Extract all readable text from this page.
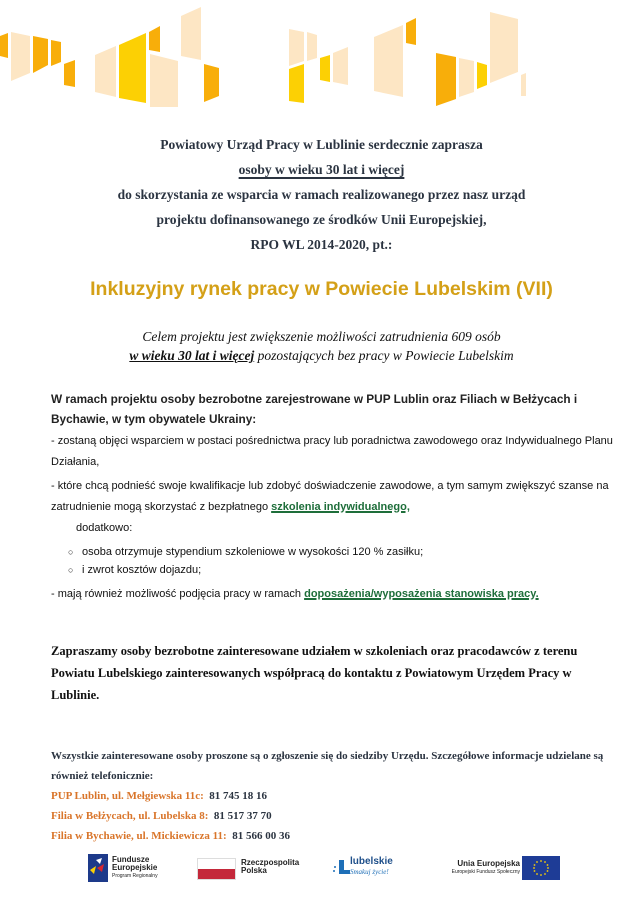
Powiatowy Urząd Pracy w Lublinie serdecznie zaprasza
osoby w wieku 30 lat i więcej
do skorzystania ze wsparcia w ramach realizowanego przez nasz urząd
projektu dofinansowanego ze środków Unii Europejskiej,
RPO WL 2014-2020, pt.:
Inkluzyjny rynek pracy w Powiecie Lubelskim (VII)
Celem projektu jest zwiększenie możliwości zatrudnienia 609 osób
w wieku 30 lat i więcej pozostających bez pracy w Powiecie Lubelskim
W ramach projektu osoby bezrobotne zarejestrowane w PUP Lublin oraz Filiach w Bełżycach i Bychawie, w tym obywatele Ukrainy:
- zostaną objęci wsparciem w postaci pośrednictwa pracy lub poradnictwa zawodowego oraz Indywidualnego Planu Działania,
- które chcą podnieść swoje kwalifikacje lub zdobyć doświadczenie zawodowe, a tym samym zwiększyć szanse na zatrudnienie mogą skorzystać z bezpłatnego szkolenia indywidualnego,
dodatkowo:
○ osoba otrzymuje stypendium szkoleniowe w wysokości 120 % zasiłku;
○ i zwrot kosztów dojazdu;
- mają również możliwość podjęcia pracy w ramach doposażenia/wyposażenia stanowiska pracy.
Zapraszamy osoby bezrobotne zainteresowane udziałem w szkoleniach oraz pracodawców z terenu Powiatu Lubelskiego zainteresowanych współpracą do kontaktu z Powiatowym Urzędem Pracy w Lublinie.
Wszystkie zainteresowane osoby proszone są o zgłoszenie się do siedziby Urzędu. Szczegółowe informacje udzielane są również telefonicznie:
PUP Lublin, ul. Mełgiewska 11c: 81 745 18 16
Filia w Bełżycach, ul. Lubelska 8: 81 517 37 70
Filia w Bychawie, ul. Mickiewicza 11: 81 566 00 36
Fundusze
Europejskie
Program Regionalny
Rzeczpospolita
Polska
lubelskie
Smakuj życie!
Unia Europejska
Europejski Fundusz Społeczny
